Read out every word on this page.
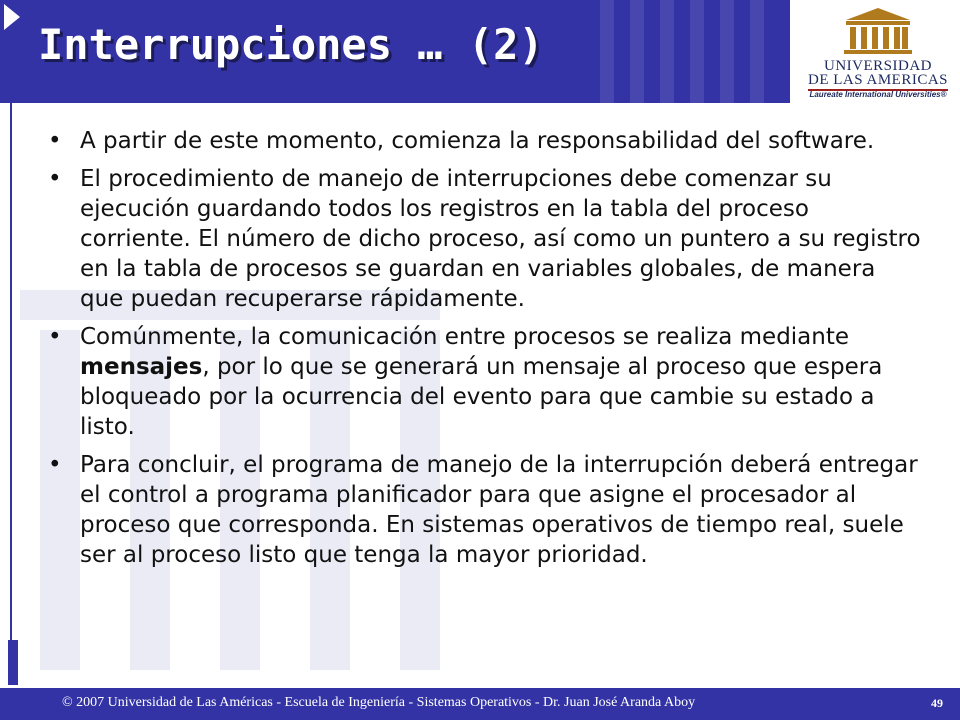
Interrupciones … (2)	UNIVERSIDAD
DE LAS AMERICAS
Laureate International Universities®
• A partir de este momento, comienza la responsabilidad del software.
• El procedimiento de manejo de interrupciones debe comenzar su ejecución guardando todos los registros en la tabla del proceso corriente. El número de dicho proceso, así como un puntero a su registro en la tabla de procesos se guardan en variables globales, de manera que puedan recuperarse rápidamente.
• Comúnmente, la comunicación entre procesos se realiza mediante mensajes, por lo que se generará un mensaje al proceso que espera bloqueado por la ocurrencia del evento para que cambie su estado a listo.
• Para concluir, el programa de manejo de la interrupción deberá entregar el control a programa planificador para que asigne el procesador al proceso que corresponda. En sistemas operativos de tiempo real, suele ser al proceso listo que tenga la mayor prioridad.
© 2007 Universidad de Las Américas - Escuela de Ingeniería - Sistemas Operativos - Dr. Juan José Aranda Aboy	49
